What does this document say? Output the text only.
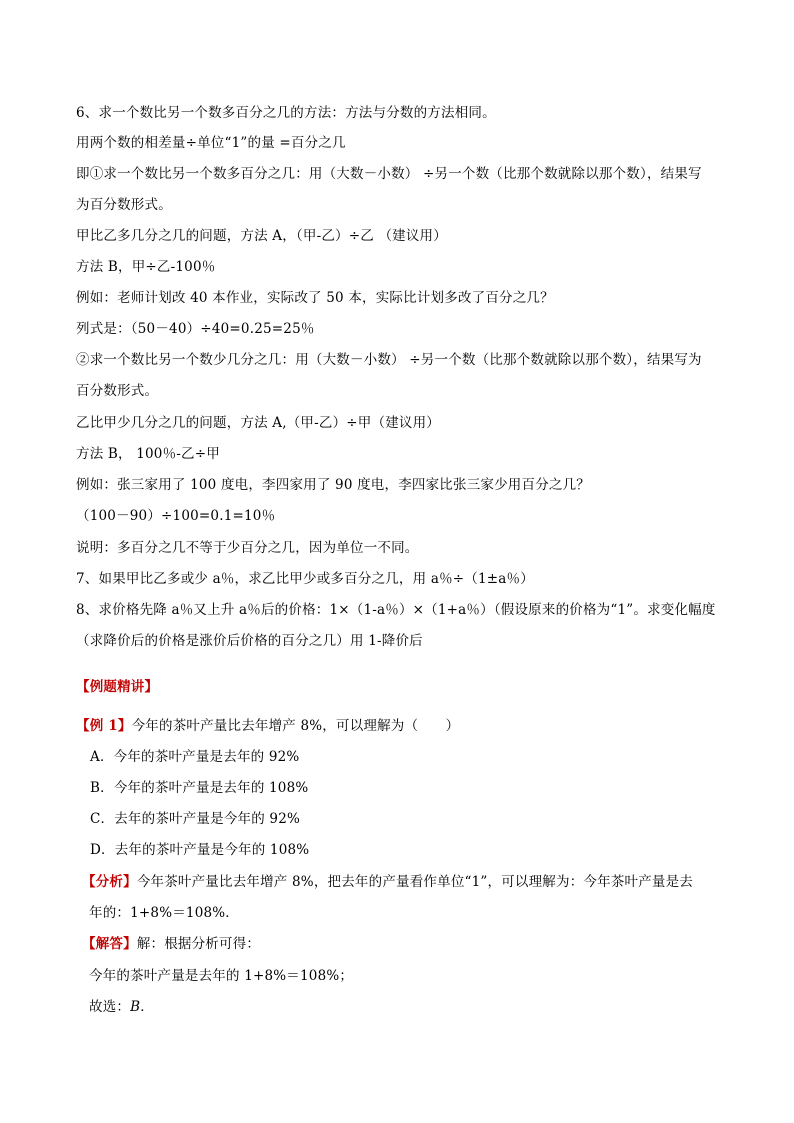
6、求一个数比另一个数多百分之几的方法：方法与分数的方法相同。
用两个数的相差量÷单位“1”的量 =百分之几
即①求一个数比另一个数多百分之几：用（大数－小数） ÷另一个数（比那个数就除以那个数），结果写
为百分数形式。
甲比乙多几分之几的问题，方法 A，（甲-乙）÷乙 （建议用）
方法 B，甲÷乙-100％
例如：老师计划改 40 本作业，实际改了 50 本，实际比计划多改了百分之几？
列式是：（50－40）÷40=0.25=25％
②求一个数比另一个数少几分之几：用（大数－小数） ÷另一个数（比那个数就除以那个数），结果写为
百分数形式。
乙比甲少几分之几的问题，方法 A,（甲-乙）÷甲（建议用）
方法 B， 100％-乙÷甲
例如：张三家用了 100 度电，李四家用了 90 度电，李四家比张三家少用百分之几？
（100－90）÷100=0.1=10％
说明：多百分之几不等于少百分之几，因为单位一不同。
7、如果甲比乙多或少 a％，求乙比甲少或多百分之几，用 a％÷（1±a％）
8、求价格先降 a％又上升 a％后的价格：1×（1-a％）×（1+a％）（假设原来的价格为“1”。求变化幅度
（求降价后的价格是涨价后价格的百分之几）用 1-降价后
【例题精讲】
【例 1】今年的茶叶产量比去年增产 8%，可以理解为（　　）
A．今年的茶叶产量是去年的 92%
B．今年的茶叶产量是去年的 108%
C．去年的茶叶产量是今年的 92%
D．去年的茶叶产量是今年的 108%
【分析】今年茶叶产量比去年增产 8%，把去年的产量看作单位“1”，可以理解为：今年茶叶产量是去
年的：1+8%＝108%．
【解答】解：根据分析可得：
今年的茶叶产量是去年的 1+8%＝108%；
故选：B．
